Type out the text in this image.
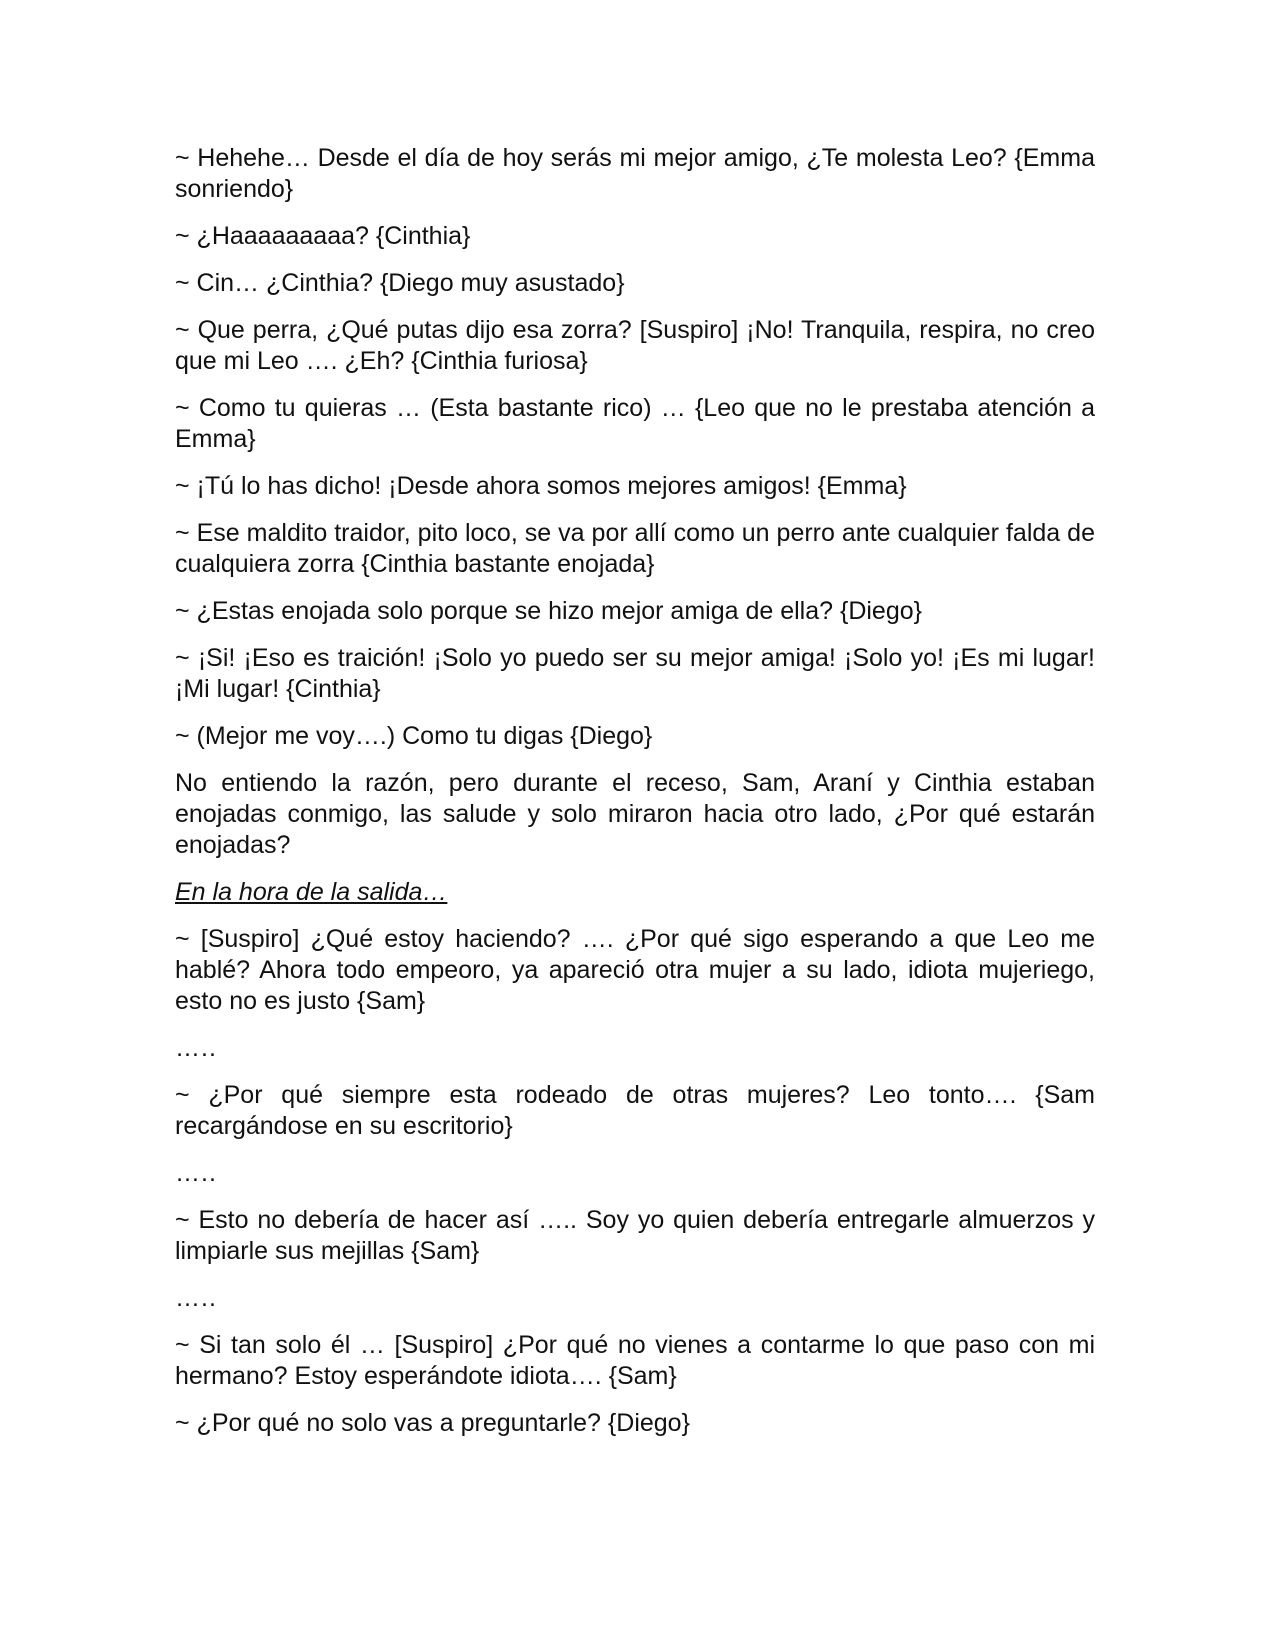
~ Hehehe… Desde el día de hoy serás mi mejor amigo, ¿Te molesta Leo? {Emma sonriendo}

~ ¿Haaaaaaaaa? {Cinthia}

~ Cin… ¿Cinthia? {Diego muy asustado}

~ Que perra, ¿Qué putas dijo esa zorra? [Suspiro] ¡No! Tranquila, respira, no creo que mi Leo …. ¿Eh? {Cinthia furiosa}

~ Como tu quieras … (Esta bastante rico) … {Leo que no le prestaba atención a Emma}

~ ¡Tú lo has dicho! ¡Desde ahora somos mejores amigos! {Emma}

~ Ese maldito traidor, pito loco, se va por allí como un perro ante cualquier falda de cualquiera zorra {Cinthia bastante enojada}

~ ¿Estas enojada solo porque se hizo mejor amiga de ella? {Diego}

~ ¡Si! ¡Eso es traición! ¡Solo yo puedo ser su mejor amiga! ¡Solo yo! ¡Es mi lugar! ¡Mi lugar! {Cinthia}

~ (Mejor me voy….) Como tu digas {Diego}

No entiendo la razón, pero durante el receso, Sam, Araní y Cinthia estaban enojadas conmigo, las salude y solo miraron hacia otro lado, ¿Por qué estarán enojadas?

En la hora de la salida…

~ [Suspiro] ¿Qué estoy haciendo? …. ¿Por qué sigo esperando a que Leo me hablé? Ahora todo empeoro, ya apareció otra mujer a su lado, idiota mujeriego, esto no es justo {Sam}

…..

~ ¿Por qué siempre esta rodeado de otras mujeres? Leo tonto…. {Sam recargándose en su escritorio}

…..

~ Esto no debería de hacer así ….. Soy yo quien debería entregarle almuerzos y limpiarle sus mejillas {Sam}

…..

~ Si tan solo él … [Suspiro] ¿Por qué no vienes a contarme lo que paso con mi hermano? Estoy esperándote idiota…. {Sam}

~ ¿Por qué no solo vas a preguntarle? {Diego}
